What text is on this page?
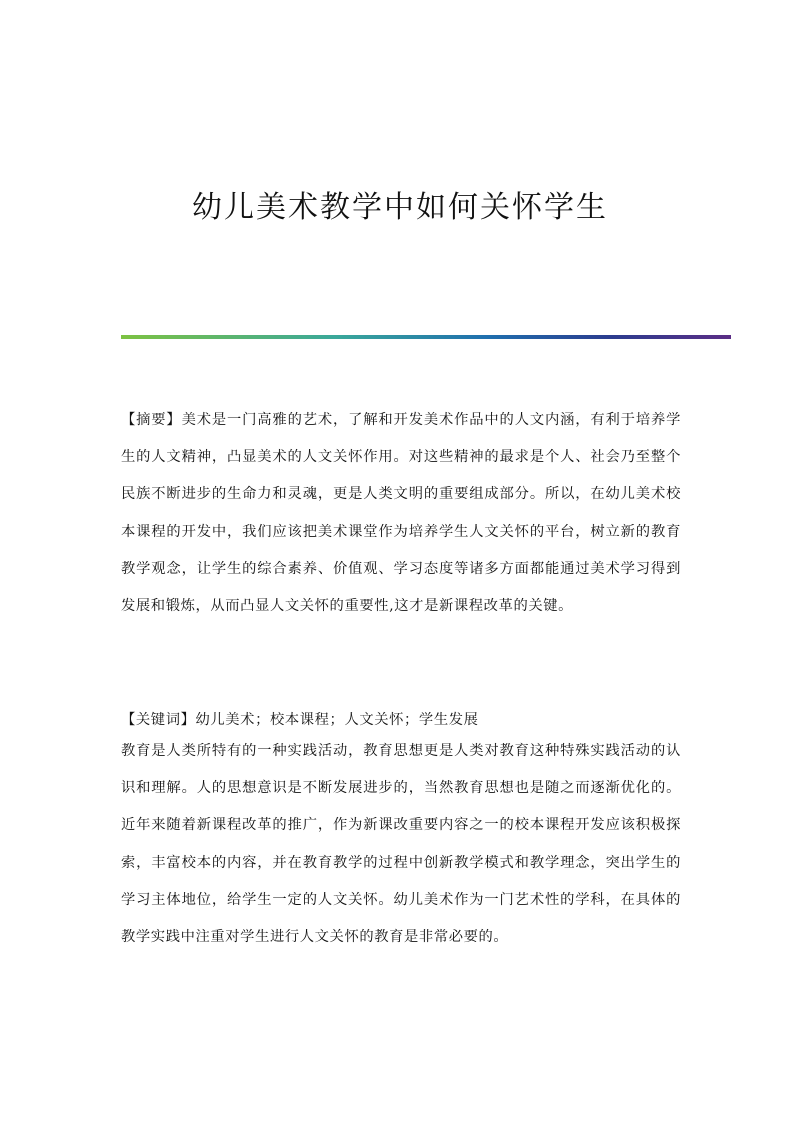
幼儿美术教学中如何关怀学生

【摘要】美术是一门高雅的艺术，了解和开发美术作品中的人文内涵，有利于培养学生的人文精神，凸显美术的人文关怀作用。对这些精神的最求是个人、社会乃至整个民族不断进步的生命力和灵魂，更是人类文明的重要组成部分。所以，在幼儿美术校本课程的开发中，我们应该把美术课堂作为培养学生人文关怀的平台，树立新的教育教学观念，让学生的综合素养、价值观、学习态度等诸多方面都能通过美术学习得到发展和锻炼，从而凸显人文关怀的重要性,这才是新课程改革的关键。

【关键词】幼儿美术；校本课程；人文关怀；学生发展

教育是人类所特有的一种实践活动，教育思想更是人类对教育这种特殊实践活动的认识和理解。人的思想意识是不断发展进步的，当然教育思想也是随之而逐渐优化的。近年来随着新课程改革的推广，作为新课改重要内容之一的校本课程开发应该积极探索，丰富校本的内容，并在教育教学的过程中创新教学模式和教学理念，突出学生的学习主体地位，给学生一定的人文关怀。幼儿美术作为一门艺术性的学科，在具体的教学实践中注重对学生进行人文关怀的教育是非常必要的。
